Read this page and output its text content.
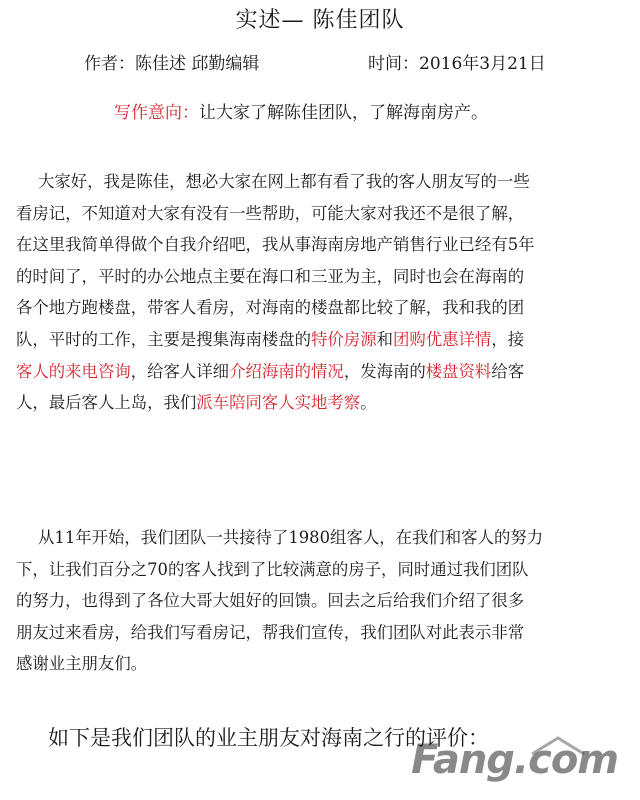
实述— 陈佳团队
作者：陈佳述 邱勤编辑	时间：2016年3月21日
写作意向：让大家了解陈佳团队，了解海南房产。
大家好，我是陈佳，想必大家在网上都有看了我的客人朋友写的一些
看房记，不知道对大家有没有一些帮助，可能大家对我还不是很了解，
在这里我简单得做个自我介绍吧，我从事海南房地产销售行业已经有5年
的时间了，平时的办公地点主要在海口和三亚为主，同时也会在海南的
各个地方跑楼盘，带客人看房，对海南的楼盘都比较了解，我和我的团
队，平时的工作，主要是搜集海南楼盘的特价房源和团购优惠详情，接
客人的来电咨询，给客人详细介绍海南的情况，发海南的楼盘资料给客
人，最后客人上岛，我们派车陪同客人实地考察。
从11年开始，我们团队一共接待了1980组客人，在我们和客人的努力
下，让我们百分之70的客人找到了比较满意的房子，同时通过我们团队
的努力，也得到了各位大哥大姐好的回馈。回去之后给我们介绍了很多
朋友过来看房，给我们写看房记，帮我们宣传，我们团队对此表示非常
感谢业主朋友们。
如下是我们团队的业主朋友对海南之行的评价：
Fang.com
